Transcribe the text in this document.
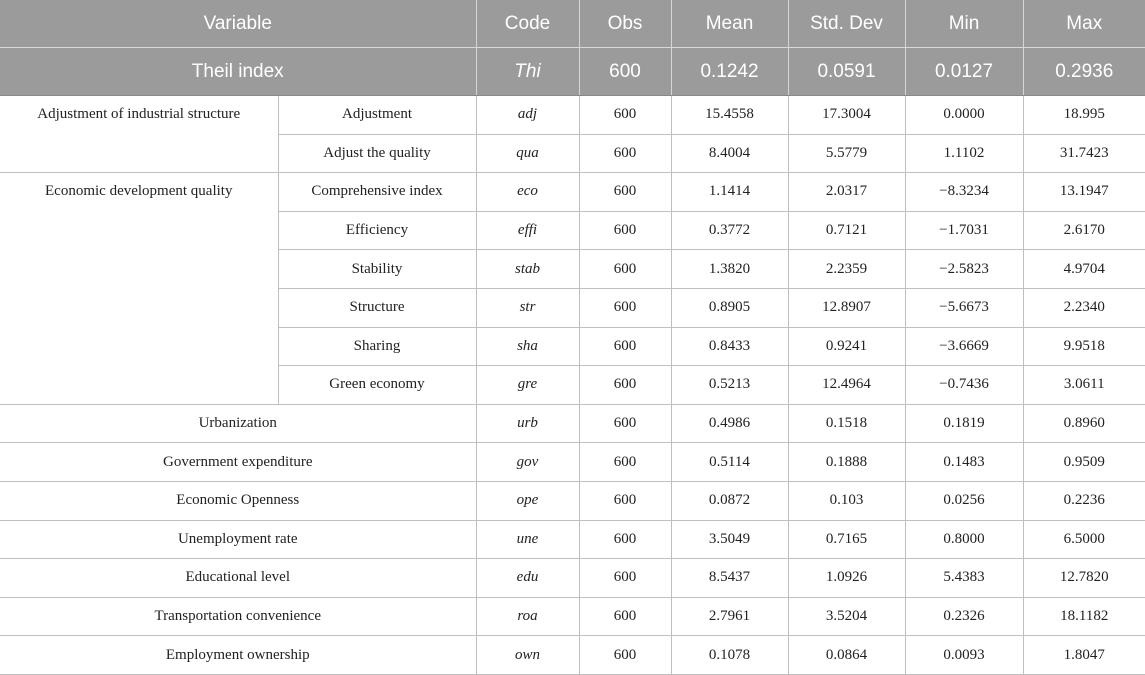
Variable		Code	Obs	Mean	Std. Dev	Min	Max
Theil index		Thi	600	0.1242	0.0591	0.0127	0.2936
Adjustment of industrial structure	Adjustment	adj	600	15.4558	17.3004	0.0000	18.995
	Adjust the quality	qua	600	8.4004	5.5779	1.1102	31.7423
Economic development quality	Comprehensive index	eco	600	1.1414	2.0317	−8.3234	13.1947
	Efficiency	effi	600	0.3772	0.7121	−1.7031	2.6170
	Stability	stab	600	1.3820	2.2359	−2.5823	4.9704
	Structure	str	600	0.8905	12.8907	−5.6673	2.2340
	Sharing	sha	600	0.8433	0.9241	−3.6669	9.9518
	Green economy	gre	600	0.5213	12.4964	−0.7436	3.0611
Urbanization		urb	600	0.4986	0.1518	0.1819	0.8960
Government expenditure		gov	600	0.5114	0.1888	0.1483	0.9509
Economic Openness		ope	600	0.0872	0.103	0.0256	0.2236
Unemployment rate		une	600	3.5049	0.7165	0.8000	6.5000
Educational level		edu	600	8.5437	1.0926	5.4383	12.7820
Transportation convenience		roa	600	2.7961	3.5204	0.2326	18.1182
Employment ownership		own	600	0.1078	0.0864	0.0093	1.8047
